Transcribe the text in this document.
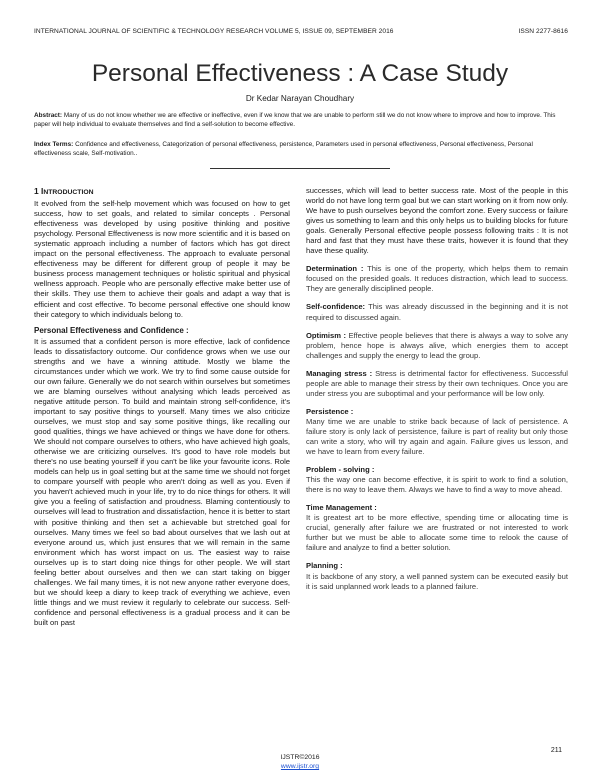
INTERNATIONAL JOURNAL OF SCIENTIFIC & TECHNOLOGY RESEARCH VOLUME 5, ISSUE 09, SEPTEMBER 2016	ISSN 2277-8616
Personal Effectiveness : A Case Study
Dr Kedar Narayan Choudhary
Abstract: Many of us do not know whether we are effective or ineffective, even if we know that we are unable to perform still we do not know where to improve and how to improve. This paper will help individual to evaluate themselves and find a self-solution to become effective.
Index Terms: Confidence and effectiveness, Categorization of personal effectiveness, persistence, Parameters used in personal effectiveness, Personal effectiveness, Personal effectiveness scale, Self-motivation..
1 INTRODUCTION

It evolved from the self-help movement which was focused on how to get success, how to set goals, and related to similar concepts . Personal effectiveness was developed by using positive thinking and positive psychology. Personal Effectiveness is now more scientific and it is based on systematic approach including a number of factors which has got direct impact on the personal effectiveness. The approach to evaluate personal effectiveness may be different for different group of people it may be business process management techniques or holistic spiritual and physical wellness approach. People who are personally effective make better use of their skills. They use them to achieve their goals and adapt a way that is efficient and cost effective. To become personal effective one should know their category to which individuals belong to.

Personal Effectiveness and Confidence :

It is assumed that a confident person is more effective, lack of confidence leads to dissatisfactory outcome. Our confidence grows when we use our strengths and we have a winning attitude. Mostly we blame the circumstances under which we work. We try to find some cause outside for our own failure. Generally we do not search within ourselves but sometimes we are blaming ourselves without analysing which leads perceived as negative attitude person. To build and maintain strong self-confidence, it's important to say positive things to yourself. Many times we also criticize ourselves, we must stop and say some positive things, like recalling our good qualities, things we have achieved or things we have done for others. We should not compare ourselves to others, who have achieved high goals, otherwise we are criticizing ourselves. It's good to have role models but there's no use beating yourself if you can't be like your favourite icons. Role models can help us in goal setting but at the same time we should not forget to compare yourself with people who aren't doing as well as you. Even if you haven't achieved much in your life, try to do nice things for others. It will give you a feeling of satisfaction and proudness. Blaming contentiously to ourselves will lead to frustration and dissatisfaction, hence it is better to start with positive thinking and then set a achievable but stretched goal for ourselves. Many times we feel so bad about ourselves that we lash out at everyone around us, which just ensures that we will remain in the same environment which has worst impact on us. The easiest way to raise ourselves up is to start doing nice things for other people. We will start feeling better about ourselves and then we can start taking on bigger challenges. We fail many times, it is not new anyone rather everyone does, but we should keep a diary to keep track of everything we achieve, even little things and we must review it regularly to celebrate our success. Self-confidence and personal effectiveness is a gradual process and it can be built on past

successes, which will lead to better success rate. Most of the people in this world do not have long term goal but we can start working on it from now only. We have to push ourselves beyond the comfort zone. Every success or failure gives us something to learn and this only helps us to building blocks for future goals. Generally Personal effective people possess following traits : It is not hard and fast that they must have these traits, however it is found that they have these quality.

Determination : This is one of the property, which helps them to remain focused on the presided goals. It reduces distraction, which lead to success. They are generally disciplined people.

Self-confidence: This was already discussed in the beginning and it is not required to discussed again.

Optimism : Effective people believes that there is always a way to solve any problem, hence hope is always alive, which energies them to accept challenges and supply the energy to lead the group.

Managing stress : Stress is detrimental factor for effectiveness. Successful people are able to manage their stress by their own techniques. Once you are under stress you are suboptimal and your performance will be low only.

Persistence :

Many time we are unable to strike back because of lack of persistence. A failure story is only lack of persistence, failure is part of reality but only those can write a story, who will try again and again. Failure gives us lesson, and we have to learn from every failure.

Problem - solving :

This the way one can become effective, it is spirit to work to find a solution, there is no way to leave them. Always we have to find a way to move ahead.

Time Management :

It is greatest art to be more effective, spending time or allocating time is crucial, generally after failure we are frustrated or not interested to work further but we must be able to allocate some time to relook the cause of failure and analyze to find a better solution.

Planning :

It is backbone of any story, a well panned system can be executed easily but it is said unplanned work leads to a planned failure.

211
IJSTR©2016
www.ijstr.org
